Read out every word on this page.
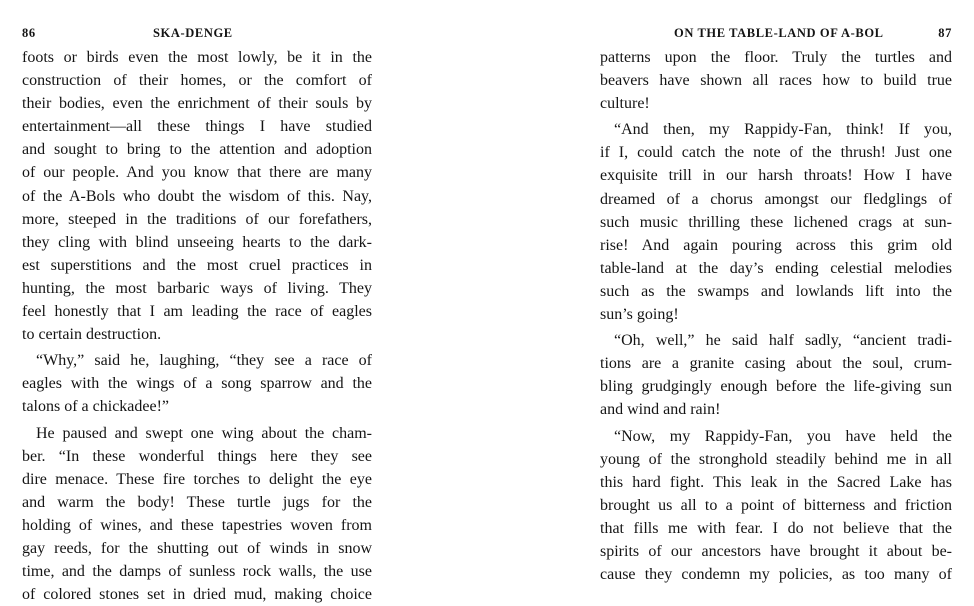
86	SKA-DENGE
foots or birds even the most lowly, be it in the
construction of their homes, or the comfort of
their bodies, even the enrichment of their souls by
entertainment—all these things I have studied
and sought to bring to the attention and adoption
of our people. And you know that there are many
of the A-Bols who doubt the wisdom of this. Nay,
more, steeped in the traditions of our forefathers,
they cling with blind unseeing hearts to the dark-
est superstitions and the most cruel practices in
hunting, the most barbaric ways of living. They
feel honestly that I am leading the race of eagles
to certain destruction.
“Why,” said he, laughing, “they see a race of
eagles with the wings of a song sparrow and the
talons of a chickadee!”
He paused and swept one wing about the cham-
ber. “In these wonderful things here they see
dire menace. These fire torches to delight the eye
and warm the body! These turtle jugs for the
holding of wines, and these tapestries woven from
gay reeds, for the shutting out of winds in snow
time, and the damps of sunless rock walls, the use
of colored stones set in dried mud, making choice
ON THE TABLE-LAND OF A-BOL	87
patterns upon the floor. Truly the turtles and
beavers have shown all races how to build true
culture!
“And then, my Rappidy-Fan, think! If you,
if I, could catch the note of the thrush! Just one
exquisite trill in our harsh throats! How I have
dreamed of a chorus amongst our fledglings of
such music thrilling these lichened crags at sun-
rise! And again pouring across this grim old
table-land at the day’s ending celestial melodies
such as the swamps and lowlands lift into the
sun’s going!
“Oh, well,” he said half sadly, “ancient tradi-
tions are a granite casing about the soul, crum-
bling grudgingly enough before the life-giving sun
and wind and rain!
“Now, my Rappidy-Fan, you have held the
young of the stronghold steadily behind me in all
this hard fight. This leak in the Sacred Lake has
brought us all to a point of bitterness and friction
that fills me with fear. I do not believe that the
spirits of our ancestors have brought it about be-
cause they condemn my policies, as too many of
